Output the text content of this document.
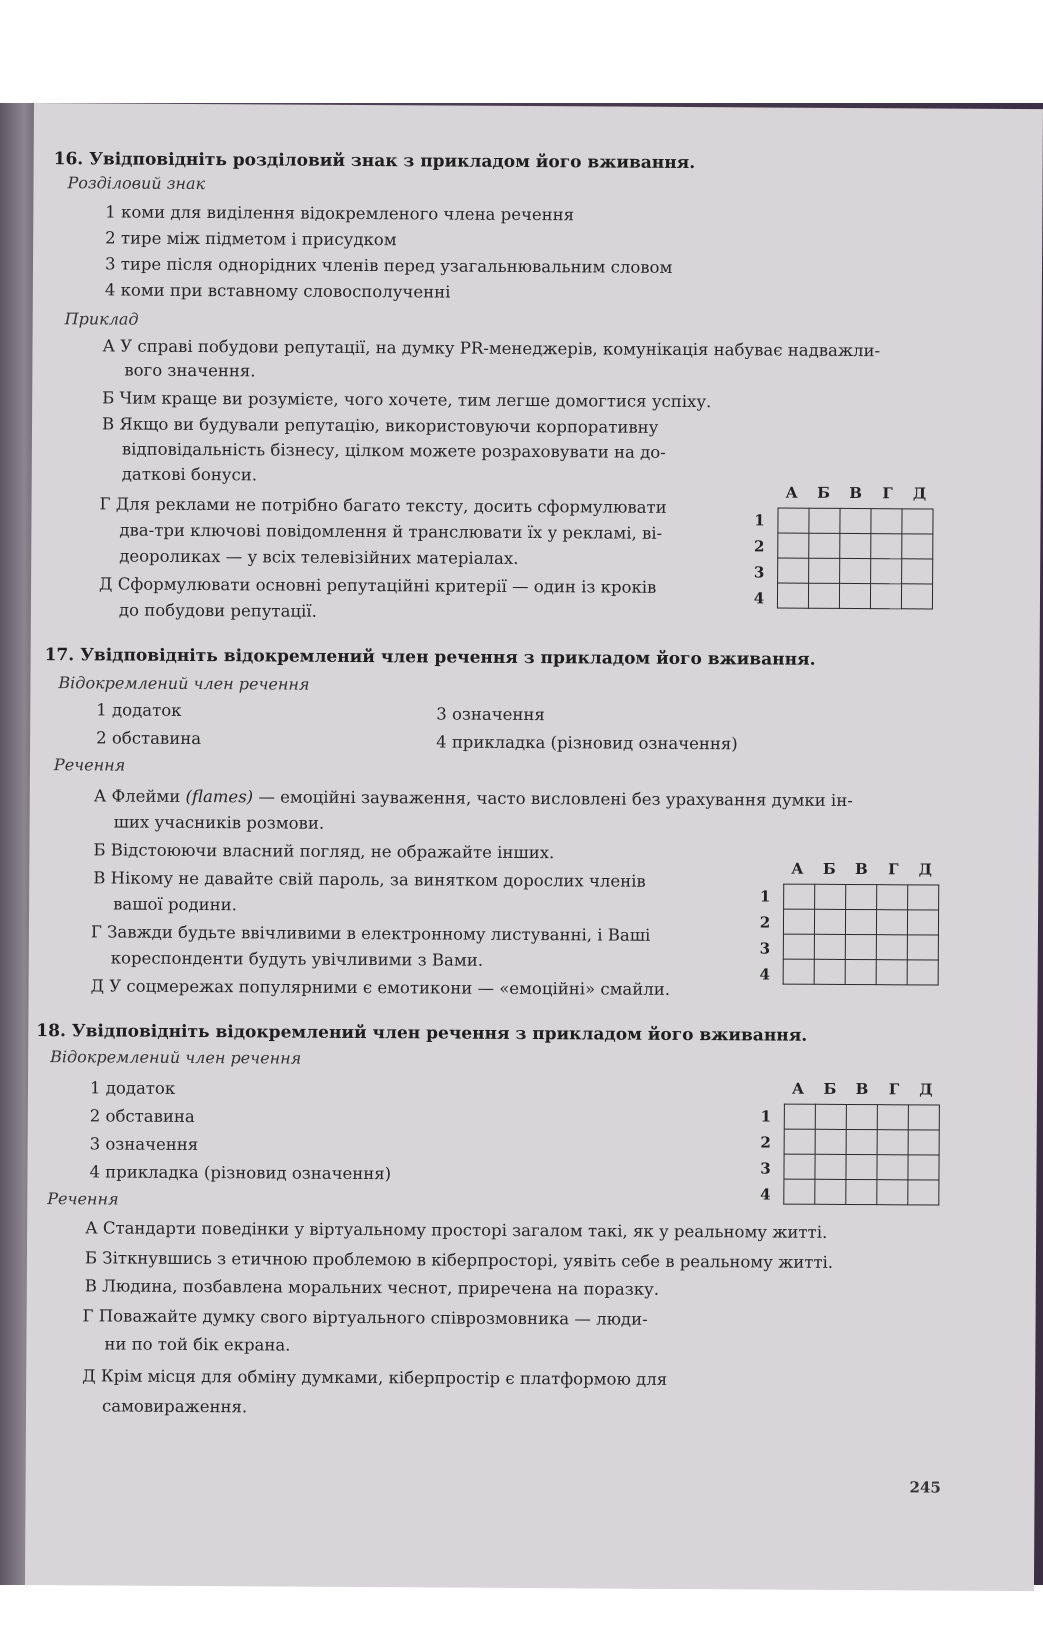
16. Увідповідніть розділовий знак з прикладом його вживання.
Розділовий знак
1 коми для виділення відокремленого члена речення
2 тире між підметом і присудком
3 тире після однорідних членів перед узагальнювальним словом
4 коми при вставному словосполученні
Приклад
А У справі побудови репутації, на думку PR-менеджерів, комунікація набуває надважли-
вого значення.
Б Чим краще ви розумієте, чого хочете, тим легше домогтися успіху.
В Якщо ви будували репутацію, використовуючи корпоративну
відповідальність бізнесу, цілком можете розраховувати на до-
даткові бонуси.
Г Для реклами не потрібно багато тексту, досить сформулювати
два-три ключові повідомлення й транслювати їх у рекламі, ві-
деороликах — у всіх телевізійних матеріалах.
Д Сформулювати основні репутаційні критерії — один із кроків
до побудови репутації.
А	Б	В	Г	Д
1
2
3
4

17. Увідповідніть відокремлений член речення з прикладом його вживання.
Відокремлений член речення
1 додаток
2 обставина
3 означення
4 прикладка (різновид означення)
Речення
А Флейми (flames) — емоційні зауваження, часто висловлені без урахування думки ін-
ших учасників розмови.
Б Відстоюючи власний погляд, не ображайте інших.
В Нікому не давайте свій пароль, за винятком дорослих членів
вашої родини.
Г Завжди будьте ввічливими в електронному листуванні, і Ваші
кореспонденти будуть увічливими з Вами.
Д У соцмережах популярними є емотикони — «емоційні» смайли.
А	Б	В	Г	Д
1
2
3
4

18. Увідповідніть відокремлений член речення з прикладом його вживання.
Відокремлений член речення
1 додаток
2 обставина
3 означення
4 прикладка (різновид означення)
Речення
А Стандарти поведінки у віртуальному просторі загалом такі, як у реальному житті.
Б Зіткнувшись з етичною проблемою в кіберпросторі, уявіть себе в реальному житті.
В Людина, позбавлена моральних чеснот, приречена на поразку.
Г Поважайте думку свого віртуального співрозмовника — люди-
ни по той бік екрана.
Д Крім місця для обміну думками, кіберпростір є платформою для
самовираження.
А	Б	В	Г	Д
1
2
3
4

245
